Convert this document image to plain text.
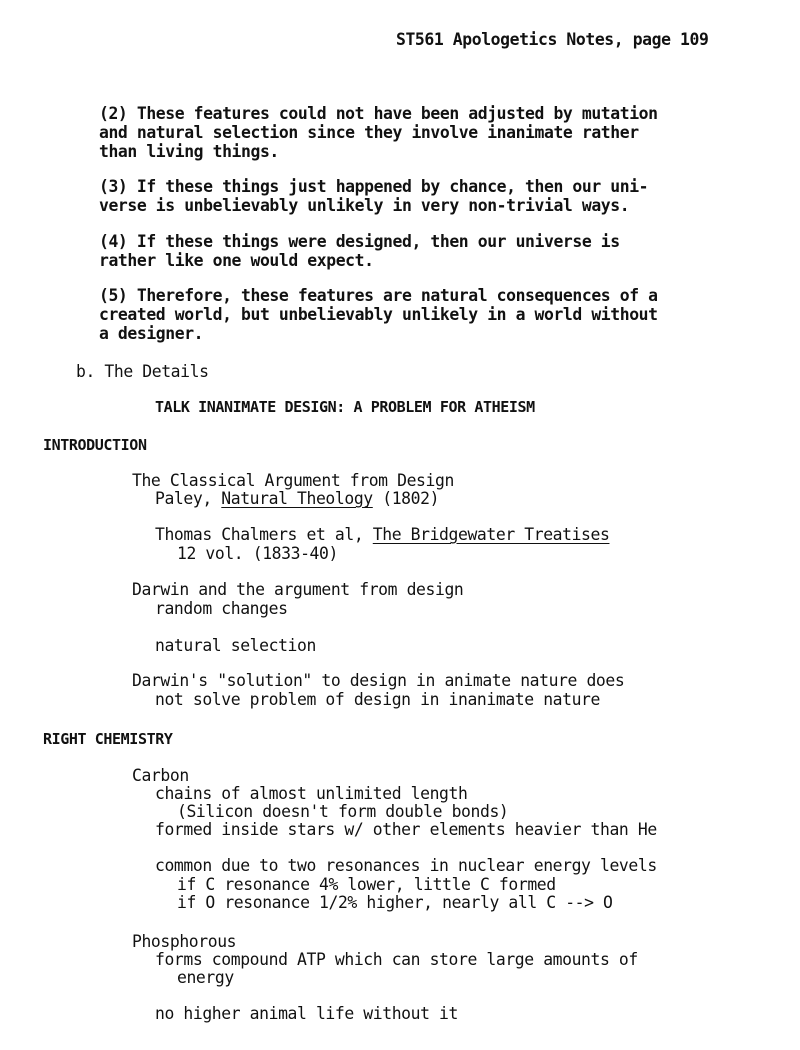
ST561 Apologetics Notes, page 109
(2) These features could not have been adjusted by mutation
and natural selection since they involve inanimate rather
than living things.
(3) If these things just happened by chance, then our uni-
verse is unbelievably unlikely in very non-trivial ways.
(4) If these things were designed, then our universe is
rather like one would expect.
(5) Therefore, these features are natural consequences of a
created world, but unbelievably unlikely in a world without
a designer.
b. The Details
TALK INANIMATE DESIGN: A PROBLEM FOR ATHEISM
INTRODUCTION
The Classical Argument from Design
Paley, Natural Theology (1802)
Thomas Chalmers et al, The Bridgewater Treatises
12 vol. (1833-40)
Darwin and the argument from design
random changes
natural selection
Darwin's "solution" to design in animate nature does
not solve problem of design in inanimate nature
RIGHT CHEMISTRY
Carbon
chains of almost unlimited length
(Silicon doesn't form double bonds)
formed inside stars w/ other elements heavier than He
common due to two resonances in nuclear energy levels
if C resonance 4% lower, little C formed
if O resonance 1/2% higher, nearly all C --> O
Phosphorous
forms compound ATP which can store large amounts of
energy
no higher animal life without it
